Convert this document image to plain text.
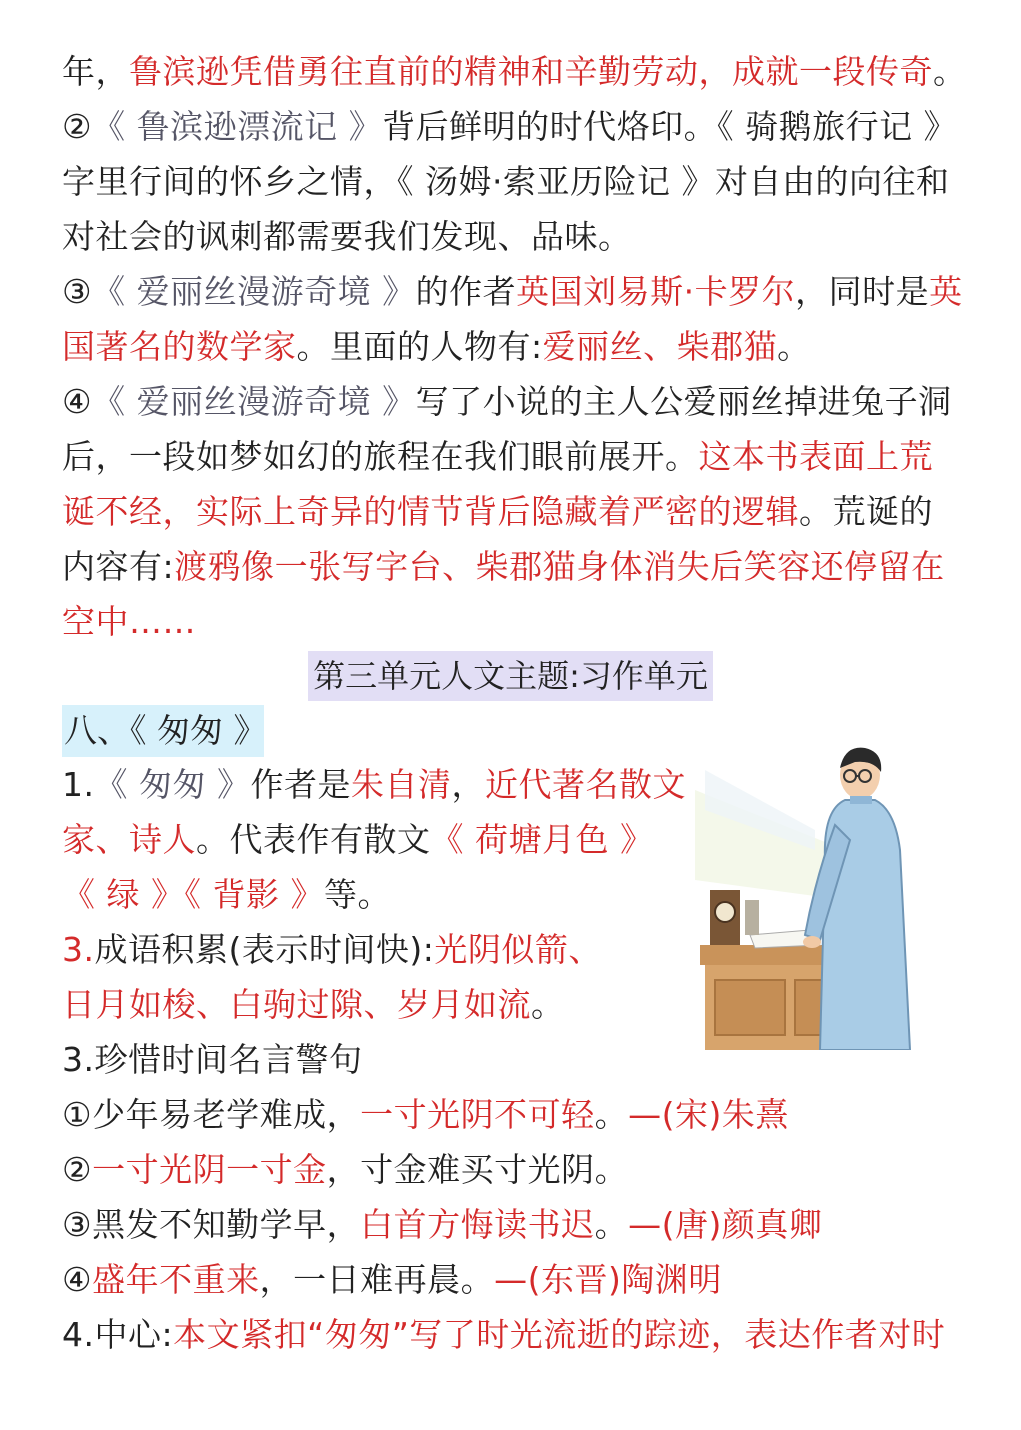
年，鲁滨逊凭借勇往直前的精神和辛勤劳动，成就一段传奇。
②《 鲁滨逊漂流记 》背后鲜明的时代烙印。《 骑鹅旅行记 》
字里行间的怀乡之情，《 汤姆·索亚历险记 》对自由的向往和
对社会的讽刺都需要我们发现、品味。
③《 爱丽丝漫游奇境 》的作者英国刘易斯·卡罗尔，同时是英
国著名的数学家。里面的人物有:爱丽丝、柴郡猫。
④《 爱丽丝漫游奇境 》写了小说的主人公爱丽丝掉进兔子洞
后，一段如梦如幻的旅程在我们眼前展开。这本书表面上荒
诞不经，实际上奇异的情节背后隐藏着严密的逻辑。荒诞的
内容有:渡鸦像一张写字台、柴郡猫身体消失后笑容还停留在
空中……
1.《 匆匆 》作者是朱自清，近代著名散文
家、诗人。代表作有散文《 荷塘月色 》
《 绿 》《 背影 》等。
3.成语积累(表示时间快):光阴似箭、
日月如梭、白驹过隙、岁月如流。
3.珍惜时间名言警句
①少年易老学难成，一寸光阴不可轻。—(宋)朱熹
②一寸光阴一寸金，寸金难买寸光阴。
③黑发不知勤学早，白首方悔读书迟。—(唐)颜真卿
④盛年不重来，一日难再晨。—(东晋)陶渊明
4.中心:本文紧扣“匆匆”写了时光流逝的踪迹，表达作者对时
第三单元人文主题:习作单元
八、《 匆匆 》
